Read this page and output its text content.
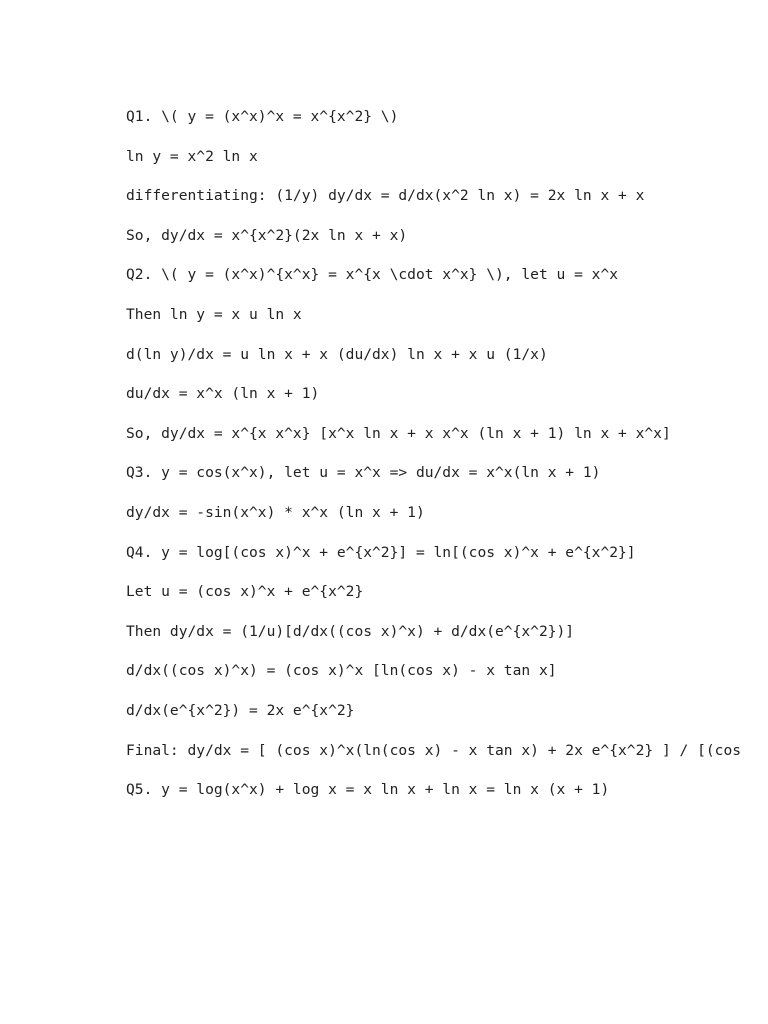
Q1. \( y = (x^x)^x = x^{x^2} \)
ln y = x^2 ln x
differentiating: (1/y) dy/dx = d/dx(x^2 ln x) = 2x ln x + x
So, dy/dx = x^{x^2}(2x ln x + x)
Q2. \( y = (x^x)^{x^x} = x^{x \cdot x^x} \), let u = x^x
Then ln y = x u ln x
d(ln y)/dx = u ln x + x (du/dx) ln x + x u (1/x)
du/dx = x^x (ln x + 1)
So, dy/dx = x^{x x^x} [x^x ln x + x x^x (ln x + 1) ln x + x^x]
Q3. y = cos(x^x), let u = x^x => du/dx = x^x(ln x + 1)
dy/dx = -sin(x^x) * x^x (ln x + 1)
Q4. y = log[(cos x)^x + e^{x^2}] = ln[(cos x)^x + e^{x^2}]
Let u = (cos x)^x + e^{x^2}
Then dy/dx = (1/u)[d/dx((cos x)^x) + d/dx(e^{x^2})]
d/dx((cos x)^x) = (cos x)^x [ln(cos x) - x tan x]
d/dx(e^{x^2}) = 2x e^{x^2}
Final: dy/dx = [ (cos x)^x(ln(cos x) - x tan x) + 2x e^{x^2} ] / [(cos
Q5. y = log(x^x) + log x = x ln x + ln x = ln x (x + 1)
